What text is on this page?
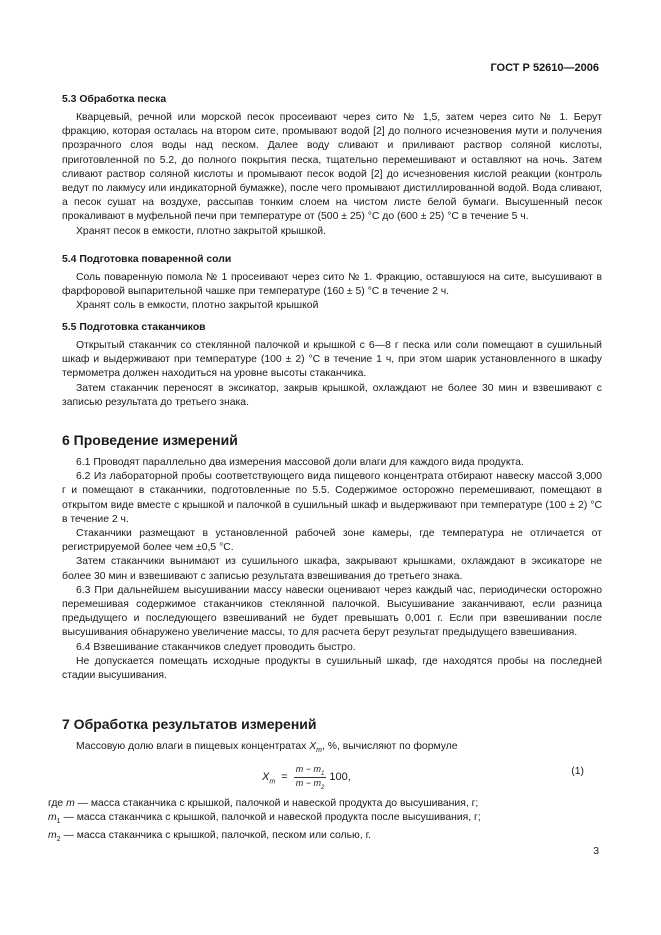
ГОСТ Р 52610—2006

5.3 Обработка песка

Кварцевый, речной или морской песок просеивают через сито № 1,5, затем через сито № 1. Берут фракцию, которая осталась на втором сите, промывают водой [2] до полного исчезновения мути и получения прозрачного слоя воды над песком. Далее воду сливают и приливают раствор соляной кислоты, приготовленной по 5.2, до полного покрытия песка, тщательно перемешивают и оставляют на ночь. Затем сливают раствор соляной кислоты и промывают песок водой [2] до исчезновения кислой реакции (контроль ведут по лакмусу или индикаторной бумажке), после чего промывают дистиллированной водой. Вода сливают, а песок сушат на воздухе, рассыпав тонким слоем на чистом листе белой бумаги. Высушенный песок прокаливают в муфельной печи при температуре от (500 ± 25) °С до (600 ± 25) °С в течение 5 ч.

Хранят песок в емкости, плотно закрытой крышкой.

5.4 Подготовка поваренной соли

Соль поваренную помола № 1 просеивают через сито № 1. Фракцию, оставшуюся на сите, высушивают в фарфоровой выпарительной чашке при температуре (160 ± 5) °С в течение 2 ч.

Хранят соль в емкости, плотно закрытой крышкой

5.5 Подготовка стаканчиков

Открытый стаканчик со стеклянной палочкой и крышкой с 6—8 г песка или соли помещают в сушильный шкаф и выдерживают при температуре (100 ± 2) °С в течение 1 ч, при этом шарик установленного в шкафу термометра должен находиться на уровне высоты стаканчика.

Затем стаканчик переносят в эксикатор, закрыв крышкой, охлаждают не более 30 мин и взвешивают с записью результата до третьего знака.

6 Проведение измерений

6.1 Проводят параллельно два измерения массовой доли влаги для каждого вида продукта.

6.2 Из лабораторной пробы соответствующего вида пищевого концентрата отбирают навеску массой 3,000 г и помещают в стаканчики, подготовленные по 5.5. Содержимое осторожно перемешивают, помещают в открытом виде вместе с крышкой и палочкой в сушильный шкаф и выдерживают при температуре (100 ± 2) °С в течение 2 ч.

Стаканчики размещают в установленной рабочей зоне камеры, где температура не отличается от регистрируемой более чем ±0,5 °С.

Затем стаканчики вынимают из сушильного шкафа, закрывают крышками, охлаждают в эксикаторе не более 30 мин и взвешивают с записью результата взвешивания до третьего знака.

6.3 При дальнейшем высушивании массу навески оценивают через каждый час, периодически осторожно перемешивая содержимое стаканчиков стеклянной палочкой. Высушивание заканчивают, если разница предыдущего и последующего взвешиваний не будет превышать 0,001 г. Если при взвешивании после высушивания обнаружено увеличение массы, то для расчета берут результат предыдущего взвешивания.

6.4 Взвешивание стаканчиков следует проводить быстро.

Не допускается помещать исходные продукты в сушильный шкаф, где находятся пробы на последней стадии высушивания.

7 Обработка результатов измерений

Массовую долю влаги в пищевых концентратах $X_m$, %, вычисляют по формуле

$X_m = \frac{m - m_1}{m - m_2} 100$,	(1)

где m — масса стаканчика с крышкой, палочкой и навеской продукта до высушивания, г;

$m_1$ — масса стаканчика с крышкой, палочкой и навеской продукта после высушивания, г;

$m_2$ — масса стаканчика с крышкой, палочкой, песком или солью, г.

3
